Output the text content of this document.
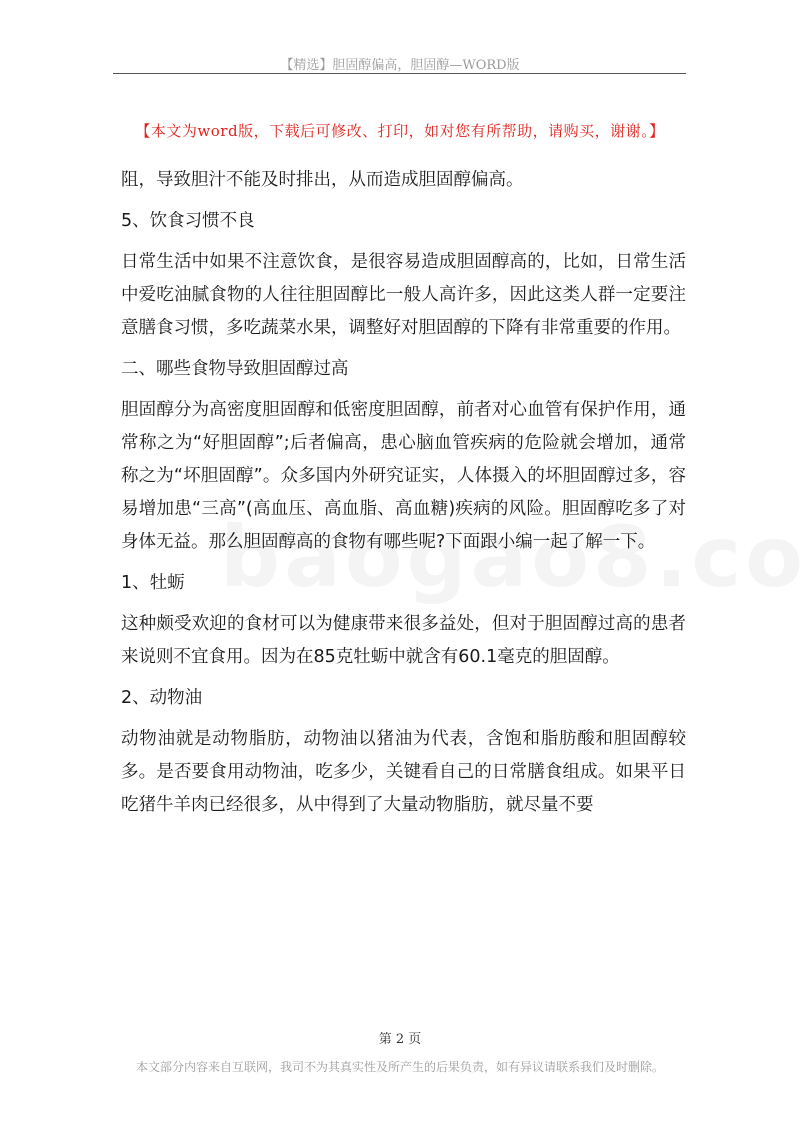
【精选】胆固醇偏高，胆固醇—WORD版
【本文为word版，下载后可修改、打印，如对您有所帮助，请购买，谢谢。】

阻，导致胆汁不能及时排出，从而造成胆固醇偏高。

5、饮食习惯不良

日常生活中如果不注意饮食，是很容易造成胆固醇高的，比如，日常生活中爱吃油腻食物的人往往胆固醇比一般人高许多，因此这类人群一定要注意膳食习惯，多吃蔬菜水果，调整好对胆固醇的下降有非常重要的作用。

二、哪些食物导致胆固醇过高

胆固醇分为高密度胆固醇和低密度胆固醇，前者对心血管有保护作用，通常称之为“好胆固醇”;后者偏高，患心脑血管疾病的危险就会增加，通常称之为“坏胆固醇”。众多国内外研究证实，人体摄入的坏胆固醇过多，容易增加患“三高”(高血压、高血脂、高血糖)疾病的风险。胆固醇吃多了对身体无益。那么胆固醇高的食物有哪些呢?下面跟小编一起了解一下。

1、牡蛎

这种颇受欢迎的食材可以为健康带来很多益处，但对于胆固醇过高的患者来说则不宜食用。因为在85克牡蛎中就含有60.1毫克的胆固醇。

2、动物油

动物油就是动物脂肪，动物油以猪油为代表，含饱和脂肪酸和胆固醇较多。是否要食用动物油，吃多少，关键看自己的日常膳食组成。如果平日吃猪牛羊肉已经很多，从中得到了大量动物脂肪，就尽量不要

第 2 页
本文部分内容来自互联网，我司不为其真实性及所产生的后果负责，如有异议请联系我们及时删除。
